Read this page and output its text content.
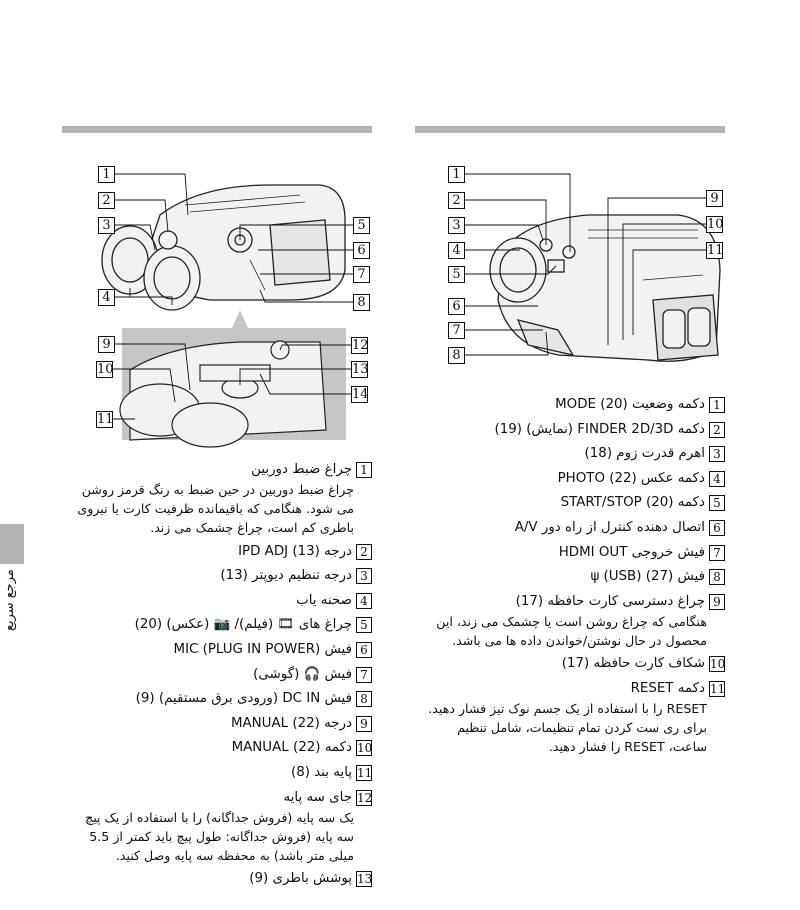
1
2
3
4
5
6
7
8
9
10
11
12
13
14
1
2
3
4
5
6
7
8
9
10
11
1
چراغ ضبط دوربین
چراغ ضبط دوربین در حین ضبط به رنگ قرمز روشن می شود. هنگامی که باقیمانده ظرفیت کارت یا نیروی باطری کم است، چراغ چشمک می زند.
2
درجه IPD ADJ (13)
3
درجه تنظیم دیوپتر (13)
4
صحنه یاب
5
چراغ های 🎞 (فیلم)/ 📷 (عکس) (20)
6
فیش MIC (PLUG IN POWER)
7
فیش 🎧 (گوشی)
8
فیش DC IN (ورودی برق مستقیم) (9)
9
درجه MANUAL (22)
10
دکمه MANUAL (22)
11
پایه بند (8)
12
جای سه پایه
یک سه پایه (فروش جداگانه) را با استفاده از یک پیچ سه پایه (فروش جداگانه: طول پیچ باید کمتر از 5.5 میلی متر باشد) به محفظه سه پایه وصل کنید.
13
پوشش باطری (9)
1
دکمه وضعیت MODE (20)
2
دکمه FINDER 2D/3D (نمایش) (19)
3
اهرم قدرت زوم (18)
4
دکمه عکس PHOTO (22)
5
دکمه START/STOP (20)
6
اتصال دهنده کنترل از راه دور A/V
7
فیش خروجی HDMI OUT
8
فیش ψ (USB) (27)
9
چراغ دسترسی کارت حافظه (17)
هنگامی که چراغ روشن است یا چشمک می زند، این محصول در حال نوشتن/خواندن داده ها می باشد.
10
شکاف کارت حافظه (17)
11
دکمه RESET
RESET را با استفاده از یک جسم نوک تیز فشار دهید. برای ری ست کردن تمام تنظیمات، شامل تنظیم ساعت، RESET را فشار دهید.
مرجع سریع
